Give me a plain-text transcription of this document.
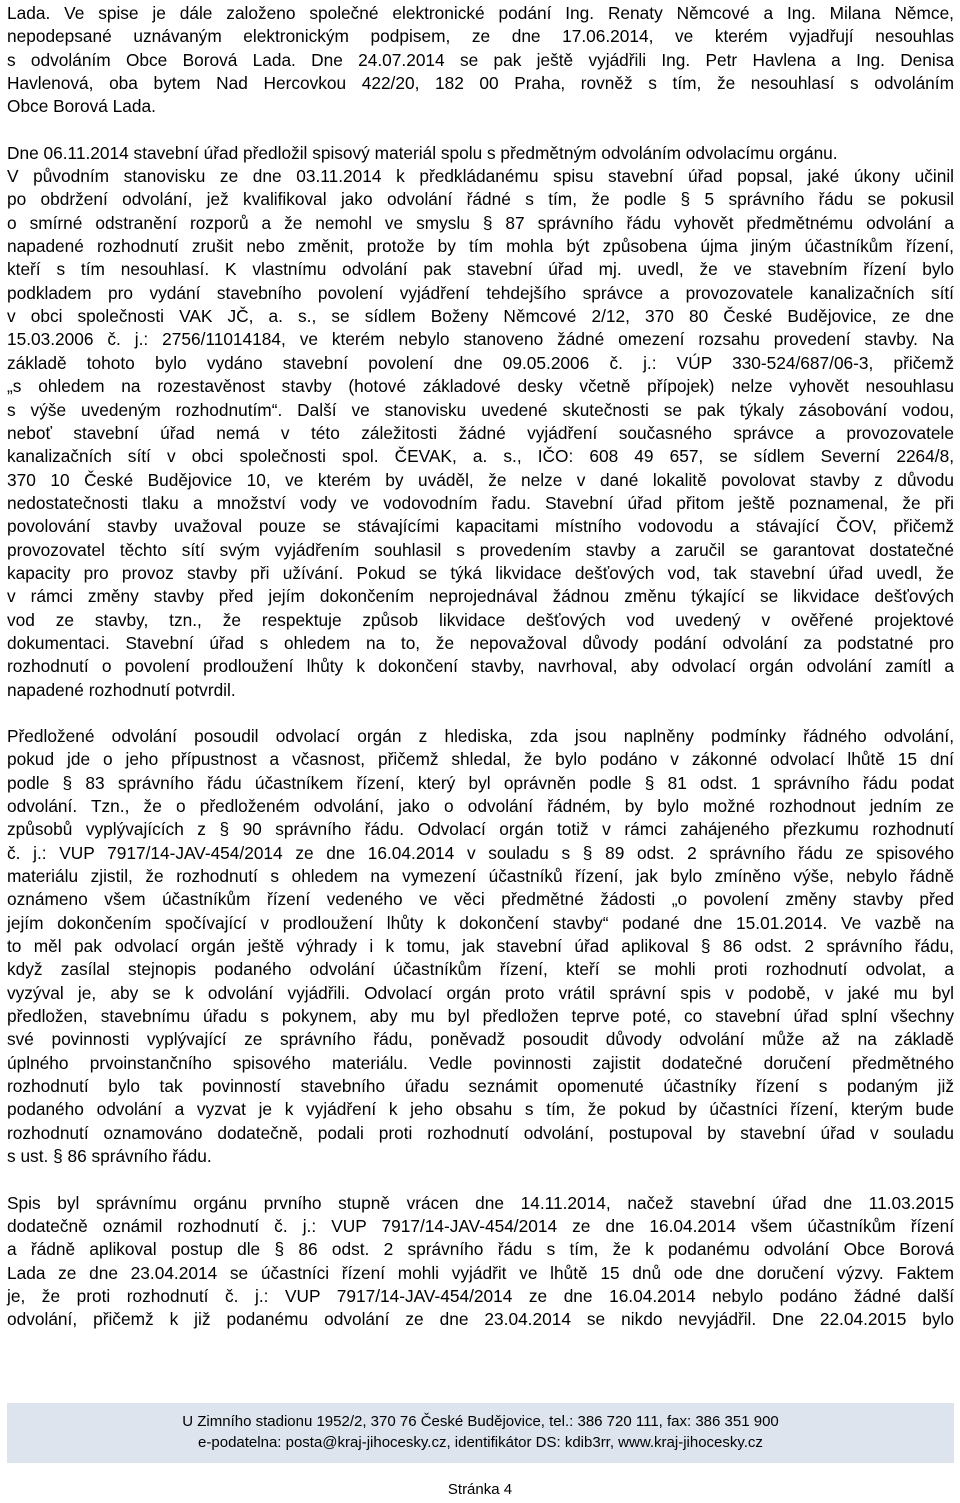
Lada. Ve spise je dále založeno společné elektronické podání Ing. Renaty Němcové a Ing. Milana Němce,
nepodepsané uznávaným elektronickým podpisem, ze dne 17.06.2014, ve kterém vyjadřují nesouhlas
s odvoláním Obce Borová Lada. Dne 24.07.2014 se pak ještě vyjádřili Ing. Petr Havlena a Ing. Denisa
Havlenová, oba bytem Nad Hercovkou 422/20, 182 00 Praha, rovněž s tím, že nesouhlasí s odvoláním
Obce Borová Lada.

Dne 06.11.2014 stavební úřad předložil spisový materiál spolu s předmětným odvoláním odvolacímu orgánu.
V původním stanovisku ze dne 03.11.2014 k předkládanému spisu stavební úřad popsal, jaké úkony učinil
po obdržení odvolání, jež kvalifikoval jako odvolání řádné s tím, že podle § 5 správního řádu se pokusil
o smírné odstranění rozporů a že nemohl ve smyslu § 87 správního řádu vyhovět předmětnému odvolání a
napadené rozhodnutí zrušit nebo změnit, protože by tím mohla být způsobena újma jiným účastníkům řízení,
kteří s tím nesouhlasí. K vlastnímu odvolání pak stavební úřad mj. uvedl, že ve stavebním řízení bylo
podkladem pro vydání stavebního povolení vyjádření tehdejšího správce a provozovatele kanalizačních sítí
v obci společnosti VAK JČ, a. s., se sídlem Boženy Němcové 2/12, 370 80 České Budějovice, ze dne
15.03.2006 č. j.: 2756/11014184, ve kterém nebylo stanoveno žádné omezení rozsahu provedení stavby. Na
základě tohoto bylo vydáno stavební povolení dne 09.05.2006 č. j.: VÚP 330-524/687/06-3, přičemž
„s ohledem na rozestavěnost stavby (hotové základové desky včetně přípojek) nelze vyhovět nesouhlasu
s výše uvedeným rozhodnutím“. Další ve stanovisku uvedené skutečnosti se pak týkaly zásobování vodou,
neboť stavební úřad nemá v této záležitosti žádné vyjádření současného správce a provozovatele
kanalizačních sítí v obci společnosti spol. ČEVAK, a. s., IČO: 608 49 657, se sídlem Severní 2264/8,
370 10 České Budějovice 10, ve kterém by uváděl, že nelze v dané lokalitě povolovat stavby z důvodu
nedostatečnosti tlaku a množství vody ve vodovodním řadu. Stavební úřad přitom ještě poznamenal, že při
povolování stavby uvažoval pouze se stávajícími kapacitami místního vodovodu a stávající ČOV, přičemž
provozovatel těchto sítí svým vyjádřením souhlasil s provedením stavby a zaručil se garantovat dostatečné
kapacity pro provoz stavby při užívání. Pokud se týká likvidace dešťových vod, tak stavební úřad uvedl, že
v rámci změny stavby před jejím dokončením neprojednával žádnou změnu týkající se likvidace dešťových
vod ze stavby, tzn., že respektuje způsob likvidace dešťových vod uvedený v ověřené projektové
dokumentaci. Stavební úřad s ohledem na to, že nepovažoval důvody podání odvolání za podstatné pro
rozhodnutí o povolení prodloužení lhůty k dokončení stavby, navrhoval, aby odvolací orgán odvolání zamítl a
napadené rozhodnutí potvrdil.

Předložené odvolání posoudil odvolací orgán z hlediska, zda jsou naplněny podmínky řádného odvolání,
pokud jde o jeho přípustnost a včasnost, přičemž shledal, že bylo podáno v zákonné odvolací lhůtě 15 dní
podle § 83 správního řádu účastníkem řízení, který byl oprávněn podle § 81 odst. 1 správního řádu podat
odvolání. Tzn., že o předloženém odvolání, jako o odvolání řádném, by bylo možné rozhodnout jedním ze
způsobů vyplývajících z § 90 správního řádu. Odvolací orgán totiž v rámci zahájeného přezkumu rozhodnutí
č. j.: VUP 7917/14-JAV-454/2014 ze dne 16.04.2014 v souladu s § 89 odst. 2 správního řádu ze spisového
materiálu zjistil, že rozhodnutí s ohledem na vymezení účastníků řízení, jak bylo zmíněno výše, nebylo řádně
oznámeno všem účastníkům řízení vedeného ve věci předmětné žádosti „o povolení změny stavby před
jejím dokončením spočívající v prodloužení lhůty k dokončení stavby“ podané dne 15.01.2014. Ve vazbě na
to měl pak odvolací orgán ještě výhrady i k tomu, jak stavební úřad aplikoval § 86 odst. 2 správního řádu,
když zasílal stejnopis podaného odvolání účastníkům řízení, kteří se mohli proti rozhodnutí odvolat, a
vyzýval je, aby se k odvolání vyjádřili. Odvolací orgán proto vrátil správní spis v podobě, v jaké mu byl
předložen, stavebnímu úřadu s pokynem, aby mu byl předložen teprve poté, co stavební úřad splní všechny
své povinnosti vyplývající ze správního řádu, poněvadž posoudit důvody odvolání může až na základě
úplného prvoinstančního spisového materiálu. Vedle povinnosti zajistit dodatečné doručení předmětného
rozhodnutí bylo tak povinností stavebního úřadu seznámit opomenuté účastníky řízení s podaným již
podaného odvolání a vyzvat je k vyjádření k jeho obsahu s tím, že pokud by účastníci řízení, kterým bude
rozhodnutí oznamováno dodatečně, podali proti rozhodnutí odvolání, postupoval by stavební úřad v souladu
s ust. § 86 správního řádu.

Spis byl správnímu orgánu prvního stupně vrácen dne 14.11.2014, načež stavební úřad dne 11.03.2015
dodatečně oznámil rozhodnutí č. j.: VUP 7917/14-JAV-454/2014 ze dne 16.04.2014 všem účastníkům řízení
a řádně aplikoval postup dle § 86 odst. 2 správního řádu s tím, že k podanému odvolání Obce Borová
Lada ze dne 23.04.2014 se účastníci řízení mohli vyjádřit ve lhůtě 15 dnů ode dne doručení výzvy. Faktem
je, že proti rozhodnutí č. j.: VUP 7917/14-JAV-454/2014 ze dne 16.04.2014 nebylo podáno žádné další
odvolání, přičemž k již podanému odvolání ze dne 23.04.2014 se nikdo nevyjádřil. Dne 22.04.2015 bylo

U Zimního stadionu 1952/2, 370 76 České Budějovice, tel.: 386 720 111, fax: 386 351 900
e-podatelna: posta@kraj-jihocesky.cz, identifikátor DS: kdib3rr, www.kraj-jihocesky.cz
Stránka 4
